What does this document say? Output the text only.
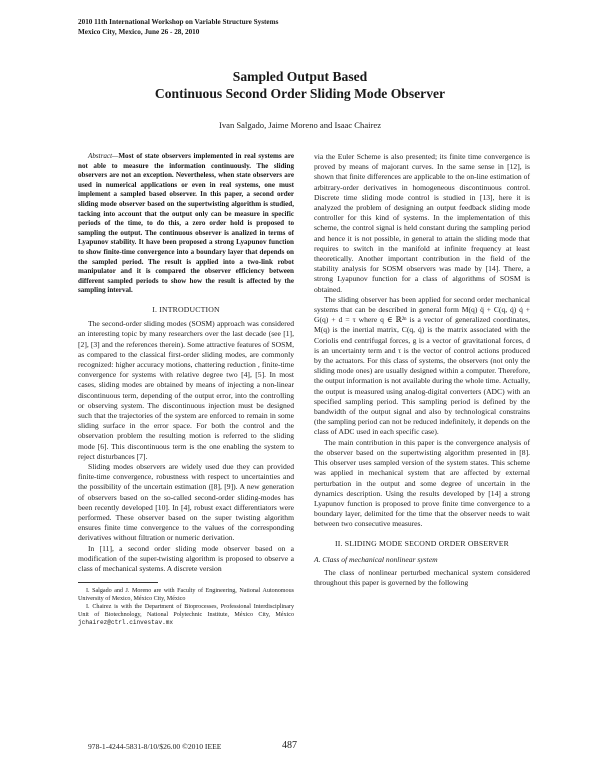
2010 11th International Workshop on Variable Structure Systems
Mexico City, Mexico, June 26 - 28, 2010
Sampled Output Based
Continuous Second Order Sliding Mode Observer
Ivan Salgado, Jaime Moreno and Isaac Chairez

Abstract—Most of state observers implemented in real systems are not able to measure the information continuously. The sliding observers are not an exception. Nevertheless, when state observers are used in numerical applications or even in real systems, one must implement a sampled based observer. In this paper, a second order sliding mode observer based on the supertwisting algorithm is studied, tacking into account that the output only can be measure in specific periods of the time, to do this, a zero order hold is proposed to sampling the output. The continuous observer is analized in terms of Lyapunov stability. It have been proposed a strong Lyapunov function to show finite-time convergence into a boundary layer that depends on the sampled period. The result is applied into a two-link robot manipulator and it is compared the observer efficiency between different sampled periods to show how the result is affected by the sampling interval.

I. INTRODUCTION

The second-order sliding modes (SOSM) approach was considered an interesting topic by many researchers over the last decade (see [1], [2], [3] and the references therein). Some attractive features of SOSM, as compared to the classical first-order sliding modes, are commonly recognized: higher accuracy motions, chattering reduction , finite-time convergence for systems with relative degree two [4], [5]. In most cases, sliding modes are obtained by means of injecting a non-linear discontinuous term, depending of the output error, into the controlling or observing system. The discontinuous injection must be designed such that the trajectories of the system are enforced to remain in some sliding surface in the error space. For both the control and the observation problem the resulting motion is referred to the sliding mode [6]. This discontinuous term is the one enabling the system to reject disturbances [7].

Sliding modes observers are widely used due they can provided finite-time convergence, robustness with respect to uncertainties and the possibility of the uncertain estimation ([8], [9]). A new generation of observers based on the so-called second-order sliding-modes has been recently developed [10]. In [4], robust exact differentiators were performed. These observer based on the super twisting algorithm ensures finite time convergence to the values of the corresponding derivatives without filtration or numeric derivation.

In [11], a second order sliding mode observer based on a modification of the super-twisting algorithm is proposed to observe a class of mechanical systems. A discrete version

I. Salgado and J. Moreno are with Faculty of Engineering, National Autonomous University of Mexico, México City, México

I. Chairez is with the Department of Bioprocesses, Professional Interdisciplinary Unit of Biotechnology, National Polytechnic Institute, México City, México jchairez@ctrl.cinvestav.mx

via the Euler Scheme is also presented; its finite time convergence is proved by means of majorant curves. In the same sense in [12], is shown that finite differences are applicable to the on-line estimation of arbitrary-order derivatives in homogeneous discontinuous control. Discrete time sliding mode control is studied in [13], here it is analyzed the problem of designing an output feedback sliding mode controller for this kind of systems. In the implementation of this scheme, the control signal is held constant during the sampling period and hence it is not possible, in general to attain the sliding mode that requires to switch in the manifold at infinite frequency at least theoretically. Another important contribution in the field of the stability analysis for SOSM observers was made by [14]. There, a strong Lyapunov function for a class of algorithms of SOSM is obtained.

The sliding observer has been applied for second order mechanical systems that can be described in general form M(q) q̈ + C(q, q̇) q̇ + G(q) + d = τ where q ∈ ℝ²ⁿ is a vector of generalized coordinates, M(q) is the inertial matrix, C(q, q̇) is the matrix associated with the Coriolis end centrifugal forces, g is a vector of gravitational forces, d is an uncertainty term and τ is the vector of control actions produced by the actuators. For this class of systems, the observers (not only the sliding mode ones) are usually designed within a computer. Therefore, the output information is not available during the whole time. Actually, the output is measured using analog-digital converters (ADC) with an specified sampling period. This sampling period is defined by the bandwidth of the output signal and also by technological constrains (the sampling period can not be reduced indefinitely, it depends on the class of ADC used in each specific case).

The main contribution in this paper is the convergence analysis of the observer based on the supertwisting algorithm presented in [8]. This observer uses sampled version of the system states. This scheme was applied in mechanical system that are affected by external perturbation in the output and some degree of uncertain in the dynamics description. Using the results developed by [14] a strong Lyapunov function is proposed to prove finite time convergence to a boundary layer, delimited for the time that the observer needs to wait between two consecutive measures.

II. SLIDING MODE SECOND ORDER OBSERVER
A. Class of mechanical nonlinear system

The class of nonlinear perturbed mechanical system considered throughout this paper is governed by the following

978-1-4244-5831-8/10/$26.00 ©2010 IEEE	487
